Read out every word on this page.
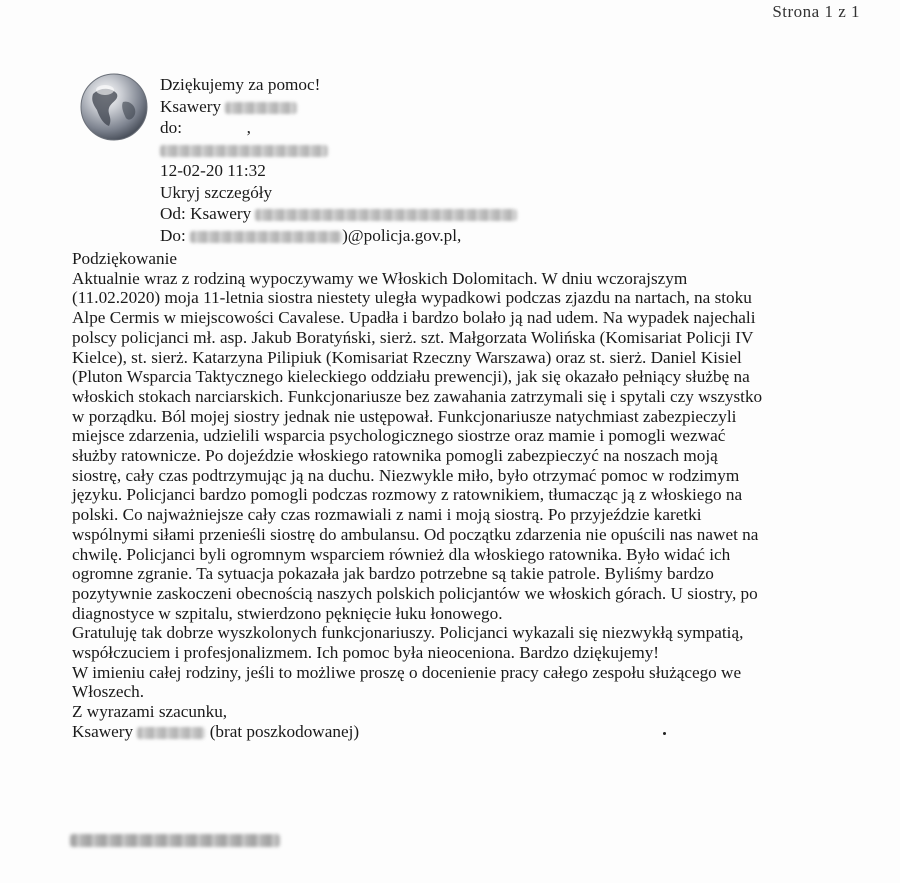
Strona 1 z 1
Dziękujemy za pomoc!
Ksawery
do:	,
12-02-20 11:32
Ukryj szczegóły
Od: Ksawery
Do:	)@policja.gov.pl,
Podziękowanie
Aktualnie wraz z rodziną wypoczywamy we Włoskich Dolomitach. W dniu wczorajszym
(11.02.2020) moja 11-letnia siostra niestety uległa wypadkowi podczas zjazdu na nartach, na stoku
Alpe Cermis w miejscowości Cavalese. Upadła i bardzo bolało ją nad udem. Na wypadek najechali
polscy policjanci mł. asp. Jakub Boratyński, sierż. szt. Małgorzata Wolińska (Komisariat Policji IV
Kielce), st. sierż. Katarzyna Pilipiuk (Komisariat Rzeczny Warszawa) oraz st. sierż. Daniel Kisiel
(Pluton Wsparcia Taktycznego kieleckiego oddziału prewencji), jak się okazało pełniący służbę na
włoskich stokach narciarskich. Funkcjonariusze bez zawahania zatrzymali się i spytali czy wszystko
w porządku. Ból mojej siostry jednak nie ustępował. Funkcjonariusze natychmiast zabezpieczyli
miejsce zdarzenia, udzielili wsparcia psychologicznego siostrze oraz mamie i pomogli wezwać
służby ratownicze. Po dojeździe włoskiego ratownika pomogli zabezpieczyć na noszach moją
siostrę, cały czas podtrzymując ją na duchu. Niezwykle miło, było otrzymać pomoc w rodzimym
języku. Policjanci bardzo pomogli podczas rozmowy z ratownikiem, tłumacząc ją z włoskiego na
polski. Co najważniejsze cały czas rozmawiali z nami i moją siostrą. Po przyjeździe karetki
wspólnymi siłami przenieśli siostrę do ambulansu. Od początku zdarzenia nie opuścili nas nawet na
chwilę. Policjanci byli ogromnym wsparciem również dla włoskiego ratownika. Było widać ich
ogromne zgranie. Ta sytuacja pokazała jak bardzo potrzebne są takie patrole. Byliśmy bardzo
pozytywnie zaskoczeni obecnością naszych polskich policjantów we włoskich górach. U siostry, po
diagnostyce w szpitalu, stwierdzono pęknięcie łuku łonowego.
Gratuluję tak dobrze wyszkolonych funkcjonariuszy. Policjanci wykazali się niezwykłą sympatią,
współczuciem i profesjonalizmem. Ich pomoc była nieoceniona. Bardzo dziękujemy!
W imieniu całej rodziny, jeśli to możliwe proszę o docenienie pracy całego zespołu służącego we
Włoszech.
Z wyrazami szacunku,
Ksawery	(brat poszkodowanej)
